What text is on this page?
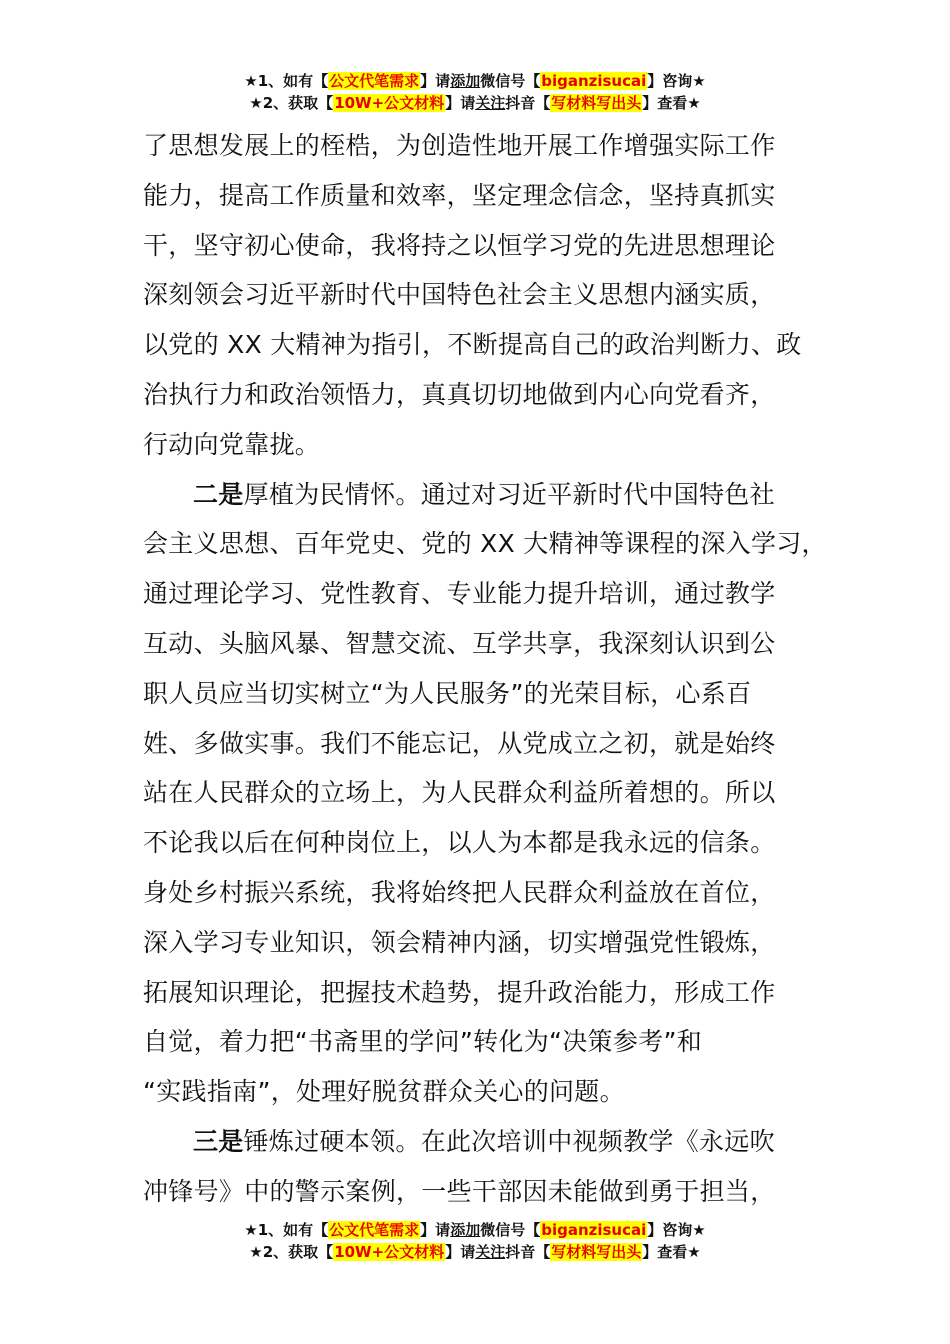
★1、如有【公文代笔需求】请添加微信号【biganzisucai】咨询★
★2、获取【10W+公文材料】请关注抖音【写材料写出头】查看★

了思想发展上的桎梏，为创造性地开展工作增强实际工作
能力，提高工作质量和效率，坚定理念信念，坚持真抓实
干，坚守初心使命，我将持之以恒学习党的先进思想理论
深刻领会习近平新时代中国特色社会主义思想内涵实质，
以党的 XX 大精神为指引，不断提高自己的政治判断力、政
治执行力和政治领悟力，真真切切地做到内心向党看齐，
行动向党靠拢。

二是厚植为民情怀。通过对习近平新时代中国特色社
会主义思想、百年党史、党的 XX 大精神等课程的深入学习，
通过理论学习、党性教育、专业能力提升培训，通过教学
互动、头脑风暴、智慧交流、互学共享，我深刻认识到公
职人员应当切实树立“为人民服务”的光荣目标，心系百
姓、多做实事。我们不能忘记，从党成立之初，就是始终
站在人民群众的立场上，为人民群众利益所着想的。所以
不论我以后在何种岗位上，以人为本都是我永远的信条。
身处乡村振兴系统，我将始终把人民群众利益放在首位，
深入学习专业知识，领会精神内涵，切实增强党性锻炼，
拓展知识理论，把握技术趋势，提升政治能力，形成工作
自觉，着力把“书斋里的学问”转化为“决策参考”和
“实践指南”，处理好脱贫群众关心的问题。

三是锤炼过硬本领。在此次培训中视频教学《永远吹
冲锋号》中的警示案例，一些干部因未能做到勇于担当，

★1、如有【公文代笔需求】请添加微信号【biganzisucai】咨询★
★2、获取【10W+公文材料】请关注抖音【写材料写出头】查看★
